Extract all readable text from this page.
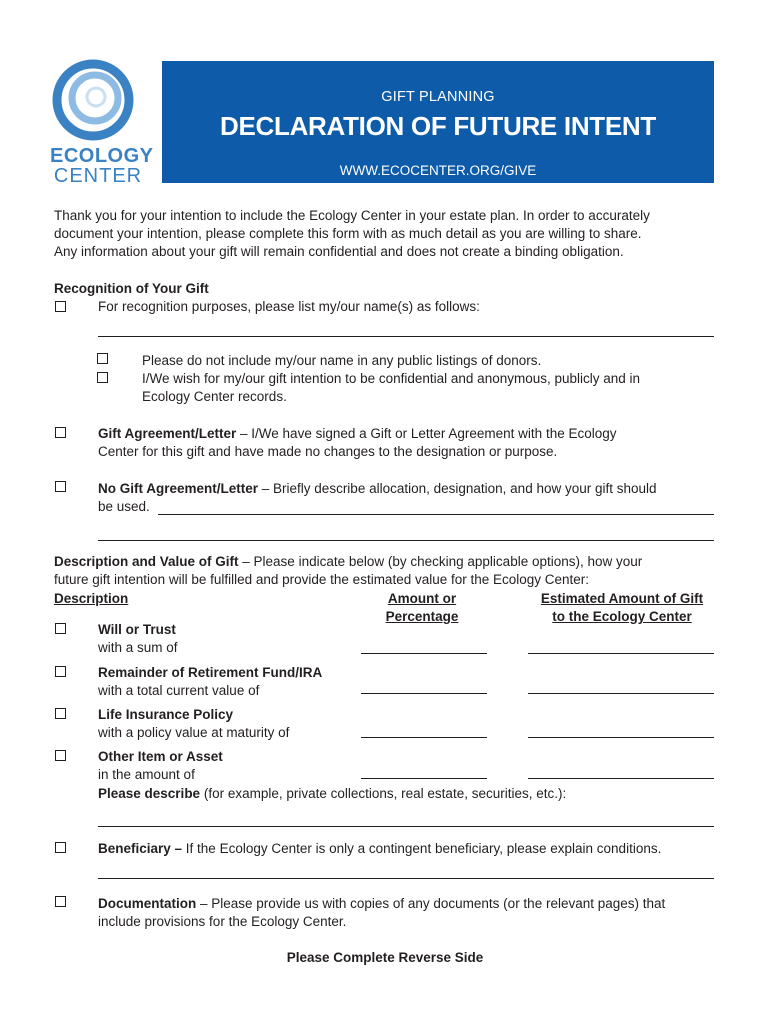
ECOLOGY
CENTER
GIFT PLANNING
DECLARATION OF FUTURE INTENT
WWW.ECOCENTER.ORG/GIVE
Thank you for your intention to include the Ecology Center in your estate plan. In order to accurately
document your intention, please complete this form with as much detail as you are willing to share.
Any information about your gift will remain confidential and does not create a binding obligation.
Recognition of Your Gift
For recognition purposes, please list my/our name(s) as follows:
Please do not include my/our name in any public listings of donors.
I/We wish for my/our gift intention to be confidential and anonymous, publicly and in
Ecology Center records.
Gift Agreement/Letter – I/We have signed a Gift or Letter Agreement with the Ecology
Center for this gift and have made no changes to the designation or purpose.
No Gift Agreement/Letter – Briefly describe allocation, designation, and how your gift should
be used.
Description and Value of Gift – Please indicate below (by checking applicable options), how your
future gift intention will be fulfilled and provide the estimated value for the Ecology Center:
Description	Amount or
Percentage
Estimated Amount of Gift
to the Ecology Center
Will or Trust
with a sum of
Remainder of Retirement Fund/IRA
with a total current value of
Life Insurance Policy
with a policy value at maturity of
Other Item or Asset
in the amount of
Please describe (for example, private collections, real estate, securities, etc.):
Beneficiary – If the Ecology Center is only a contingent beneficiary, please explain conditions.
Documentation – Please provide us with copies of any documents (or the relevant pages) that
include provisions for the Ecology Center.
Please Complete Reverse Side
